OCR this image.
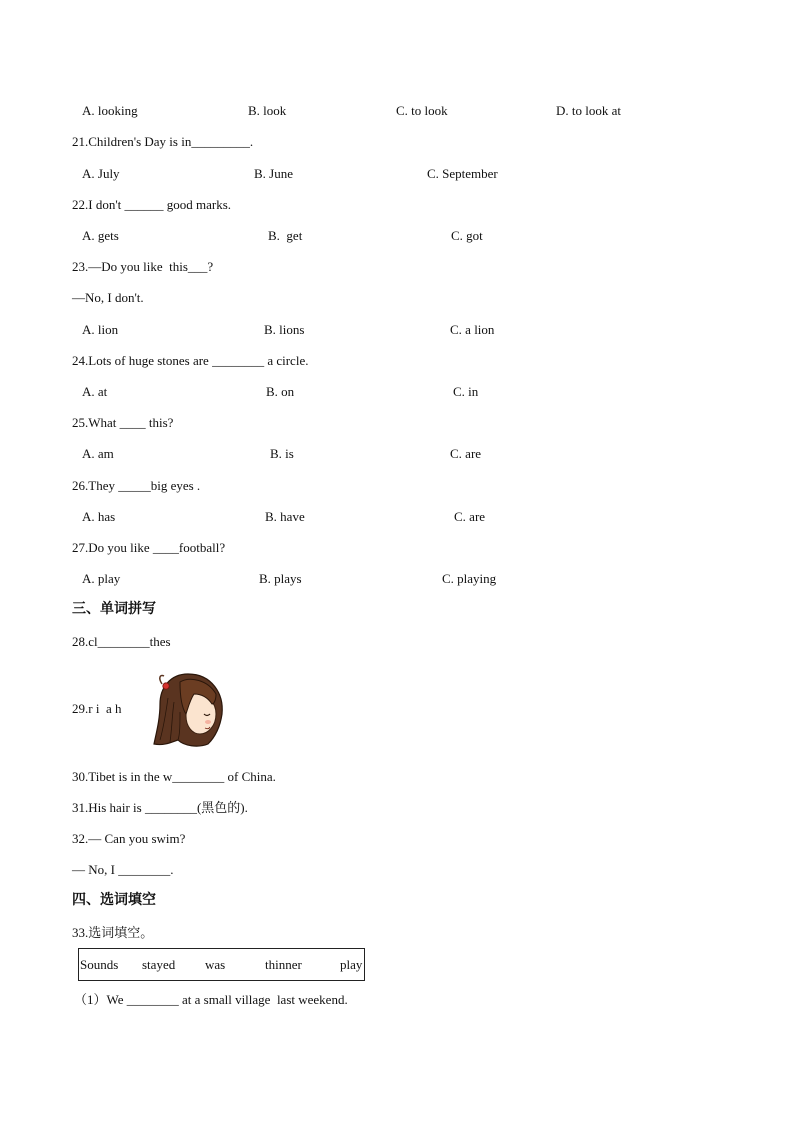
A. looking	B. look	C. to look	D. to look at
21.Children's Day is in_________.
A. July	B. June	C. September
22.I don't ______ good marks.
A. gets	B.  get	C. got
23.—Do you like  this___?
—No, I don't.
A. lion	B. lions	C. a lion
24.Lots of huge stones are ________ a circle.
A. at	B. on	C. in
25.What ____ this?
A. am	B. is	C. are
26.They _____big eyes .
A. has	B. have	C. are
27.Do you like ____football?
A. play	B. plays	C. playing
三、单词拼写
28.cl________thes
29.r i  a h
30.Tibet is in the w________ of China.
31.His hair is ________(黑色的).
32.— Can you swim?
— No, I ________.
四、选词填空
33.选词填空。
Sounds stayed was	thinner	play
（1）We ________ at a small village  last weekend.
